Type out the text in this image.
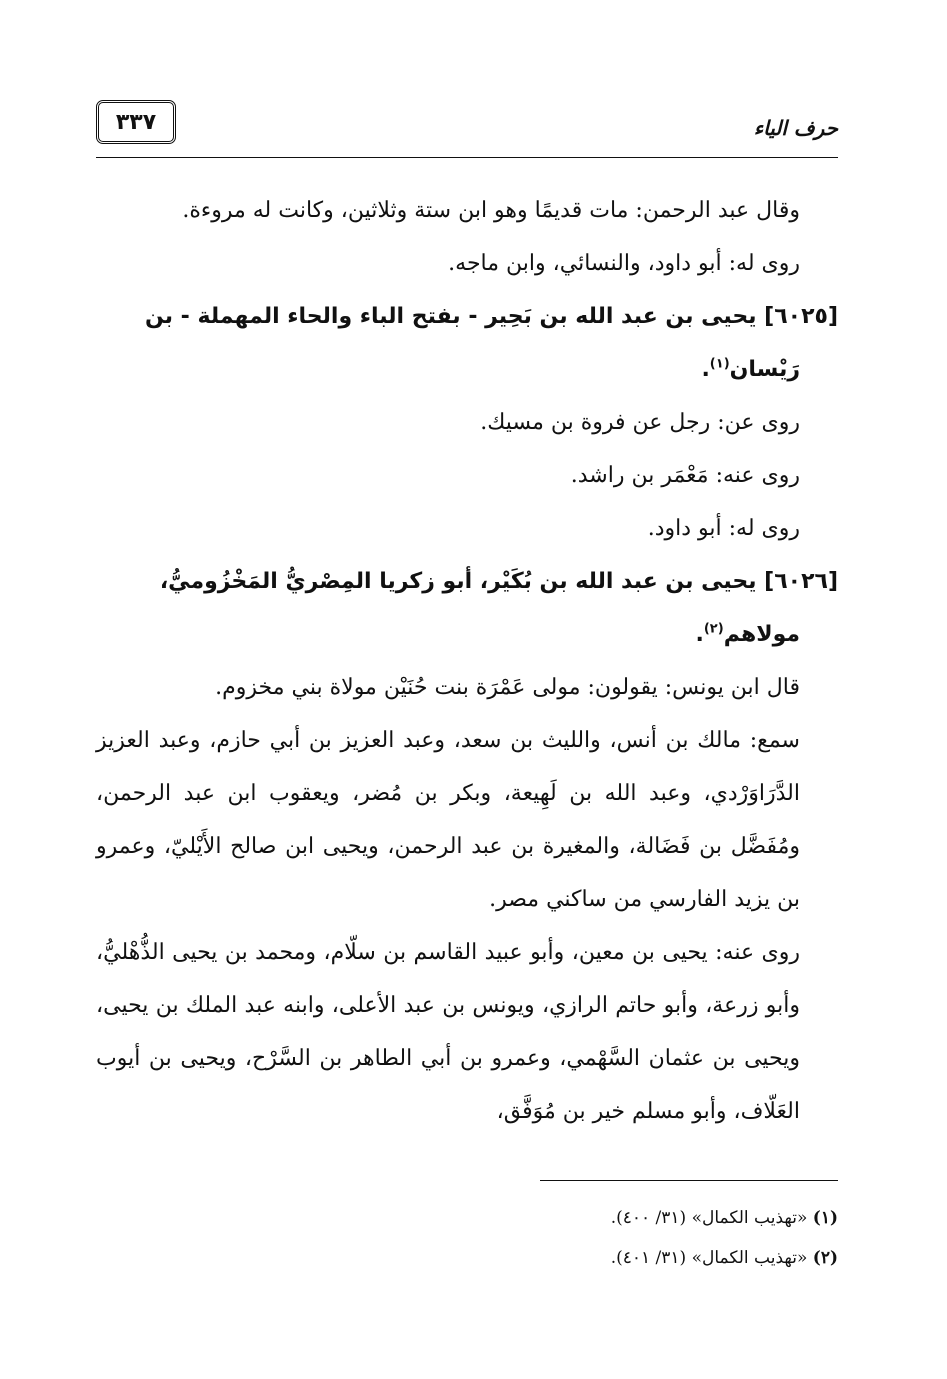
٣٣٧	حرف الياء

وقال عبد الرحمن: مات قديمًا وهو ابن ستة وثلاثين، وكانت له مروءة.

روى له: أبو داود، والنسائي، وابن ماجه.

[٦٠٢٥] يحيى بن عبد الله بن بَحِير - بفتح الباء والحاء المهملة - بن
رَيْسان$^{(١)}$.

روى عن: رجل عن فروة بن مسيك.

روى عنه: مَعْمَر بن راشد.

روى له: أبو داود.

[٦٠٢٦] يحيى بن عبد الله بن بُكَيْر، أبو زكريا المِصْريُّ المَخْزُوميُّ،
مولاهم$^{(٢)}$.

قال ابن يونس: يقولون: مولى عَمْرَة بنت حُنَيْن مولاة بني مخزوم.

سمع: مالك بن أنس، والليث بن سعد، وعبد العزيز بن أبي حازم، وعبد العزيز الدَّرَاوَرْدي، وعبد الله بن لَهِيعة، وبكر بن مُضر، ويعقوب ابن عبد الرحمن، ومُفَضَّل بن فَضَالة، والمغيرة بن عبد الرحمن، ويحيى ابن صالح الأَيْليّ، وعمرو بن يزيد الفارسي من ساكني مصر.

روى عنه: يحيى بن معين، وأبو عبيد القاسم بن سلّام، ومحمد بن يحيى الذُّهْليُّ، وأبو زرعة، وأبو حاتم الرازي، ويونس بن عبد الأعلى، وابنه عبد الملك بن يحيى، ويحيى بن عثمان السَّهْمي، وعمرو بن أبي الطاهر بن السَّرْح، ويحيى بن أيوب العَلّاف، وأبو مسلم خير بن مُوَفَّق،

(١) «تهذيب الكمال» (٣١/ ٤٠٠).

(٢) «تهذيب الكمال» (٣١/ ٤٠١).
